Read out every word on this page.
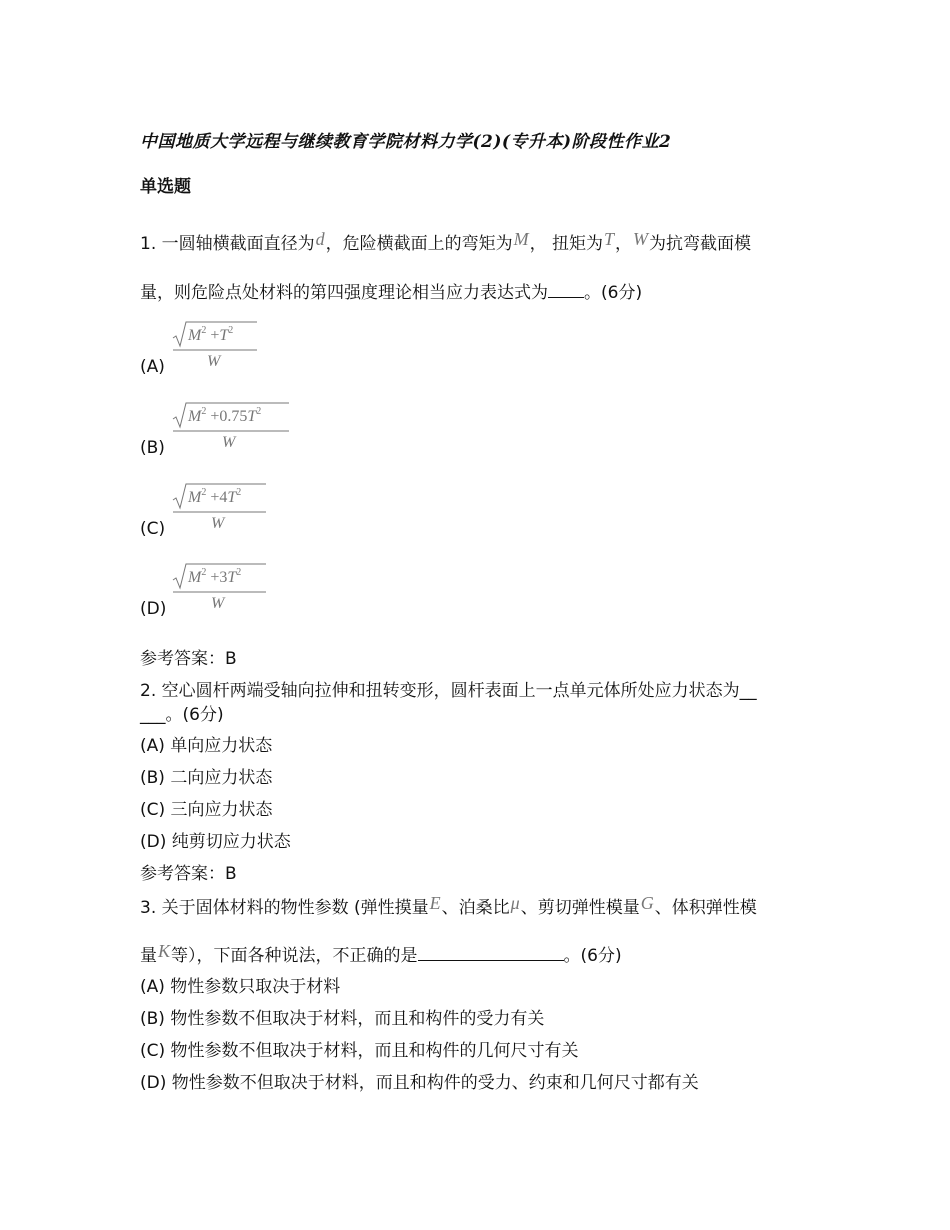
中国地质大学远程与继续教育学院材料力学(2)(专升本)阶段性作业2
单选题
1. 一圆轴横截面直径为d，危险横截面上的弯矩为M， 扭矩为T，W为抗弯截面模
量，则危险点处材料的第四强度理论相当应力表达式为 。(6分)
(A)
$M^2 +T^2$
W
(B)
$M^2 +0.75T^2$
W
(C)
$M^2 +4T^2$
W
(D)
$M^2 +3T^2$
W
参考答案：B
2. 空心圆杆两端受轴向拉伸和扭转变形，圆杆表面上一点单元体所处应力状态为__
___。(6分)
(A) 单向应力状态
(B) 二向应力状态
(C) 三向应力状态
(D) 纯剪切应力状态
参考答案：B
3. 关于固体材料的物性参数 (弹性摸量E、泊桑比μ、剪切弹性模量G、体积弹性模
量K等），下面各种说法，不正确的是	。(6分)
(A) 物性参数只取决于材料
(B) 物性参数不但取决于材料，而且和构件的受力有关
(C) 物性参数不但取决于材料，而且和构件的几何尺寸有关
(D) 物性参数不但取决于材料，而且和构件的受力、约束和几何尺寸都有关
